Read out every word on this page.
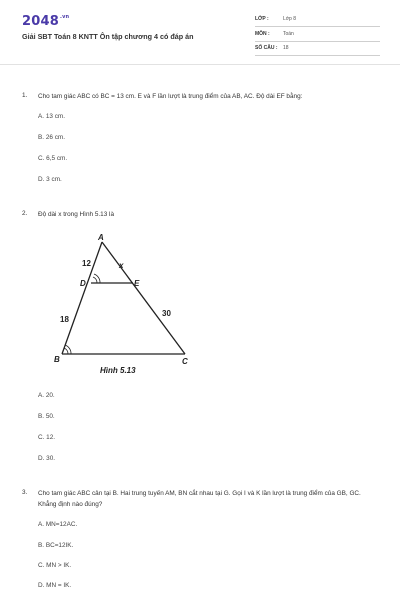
$2048^{.vn}$
Giải SBT Toán 8 KNTT Ôn tập chương 4 có đáp án
LỚP :	Lớp 8
MÔN :	Toán
SỐ CÂU :	18
1. Cho tam giác ABC có BC = 13 cm. E và F lần lượt là trung điểm của AB, AC. Độ dài EF bằng:
A. 13 cm.
B. 26 cm.
C. 6,5 cm.
D. 3 cm.
2. Độ dài x trong Hình 5.13 là
A
D	E
B	C
12	x
18
30
Hình 5.13
A. 20.
B. 50.
C. 12.
D. 30.
3. Cho tam giác ABC cân tại B. Hai trung tuyến AM, BN cắt nhau tại G. Gọi I và K lần lượt là trung điểm của GB, GC. Khẳng định nào đúng?
A. MN=12AC.
B. BC=12IK.
C. MN > IK.
D. MN = IK.
